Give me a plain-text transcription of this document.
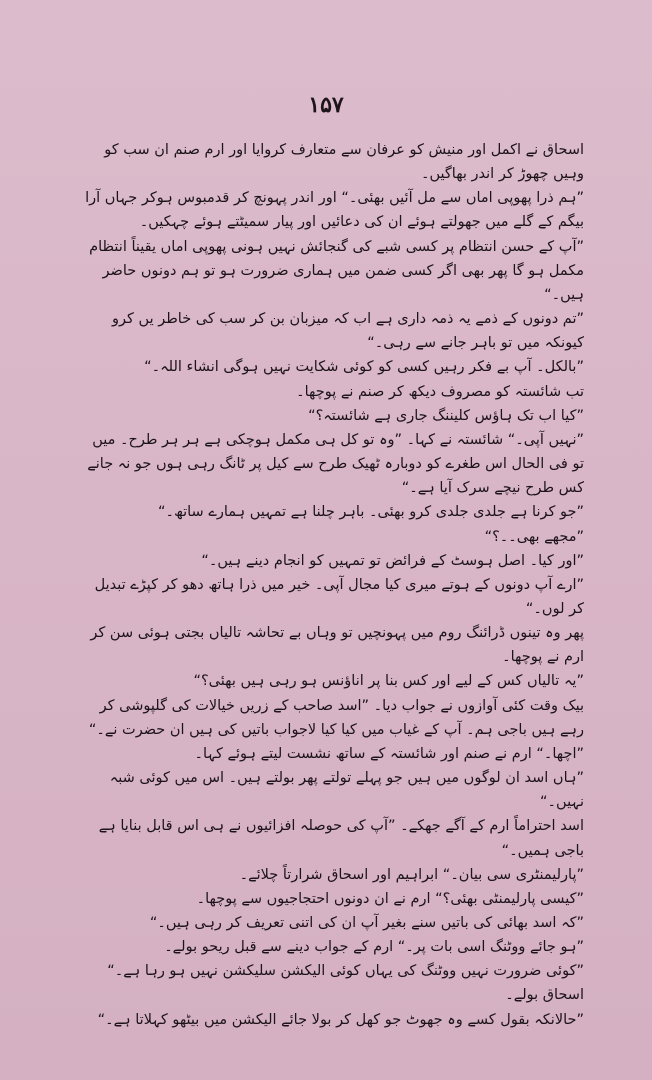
۱۵۷

اسحاق نے اکمل اور منیش کو عرفان سے متعارف کروایا اور ارم صنم ان سب کو وہیں چھوڑ کر اندر بھاگیں۔

”ہم ذرا پھوپی اماں سے مل آئیں بھئی۔“ اور اندر پہونچ کر قدمبوس ہوکر جہاں آرا بیگم کے گلے میں جھولتے ہوئے ان کی دعائیں اور پیار سمیٹتے ہوئے چہکیں۔

”آپ کے حسن انتظام پر کسی شبے کی گنجائش نہیں ہونی پھوپی اماں یقیناً انتظام مکمل ہو گا پھر بھی اگر کسی ضمن میں ہماری ضرورت ہو تو ہم دونوں حاضر ہیں۔“

”تم دونوں کے ذمے یہ ذمہ داری ہے اب کہ میزبان بن کر سب کی خاطر یں کرو کیونکہ میں تو باہر جانے سے رہی۔“

”بالکل۔ آپ بے فکر رہیں کسی کو کوئی شکایت نہیں ہوگی انشاء اللہ۔“

تب شائستہ کو مصروف دیکھ کر صنم نے پوچھا۔

”کیا اب تک ہاؤس کلیننگ جاری ہے شائستہ؟“

”نہیں آپی۔“ شائستہ نے کہا۔ ”وہ تو کل ہی مکمل ہوچکی ہے ہر ہر طرح۔ میں تو فی الحال اس طغرے کو دوبارہ ٹھیک طرح سے کیل پر ٹانگ رہی ہوں جو نہ جانے کس طرح نیچے سرک آیا ہے۔“

”جو کرنا ہے جلدی جلدی کرو بھئی۔ باہر چلنا ہے تمہیں ہمارے ساتھ۔“

”مجھے بھی۔۔؟“

”اور کیا۔ اصل ہوسٹ کے فرائض تو تمہیں کو انجام دینے ہیں۔“

”ارے آپ دونوں کے ہوتے میری کیا مجال آپی۔ خیر میں ذرا ہاتھ دھو کر کپڑے تبدیل کر لوں۔“

پھر وہ تینوں ڈرائنگ روم میں پہونچیں تو وہاں بے تحاشہ تالیاں بجتی ہوئی سن کر ارم نے پوچھا۔

”یہ تالیاں کس کے لیے اور کس بنا پر اناؤنس ہو رہی ہیں بھئی؟“

بیک وقت کئی آوازوں نے جواب دیا۔ ”اسد صاحب کے زریں خیالات کی گلپوشی کر رہے ہیں باجی ہم۔ آپ کے غیاب میں کیا کیا لاجواب باتیں کی ہیں ان حضرت نے۔“

”اچھا۔“ ارم نے صنم اور شائستہ کے ساتھ نشست لیتے ہوئے کہا۔

”ہاں اسد ان لوگوں میں ہیں جو پہلے تولتے پھر بولتے ہیں۔ اس میں کوئی شبہ نہیں۔“

اسد احتراماً ارم کے آگے جھکے۔ ”آپ کی حوصلہ افزائیوں نے ہی اس قابل بنایا ہے باجی ہمیں۔“

”پارلیمنٹری سی بیان۔“ ابراہیم اور اسحاق شرارتاً چلائے۔

”کیسی پارلیمنٹی بھئی؟“ ارم نے ان دونوں احتجاجیوں سے پوچھا۔

”کہ اسد بھائی کی باتیں سنے بغیر آپ ان کی اتنی تعریف کر رہی ہیں۔“

”ہو جائے ووٹنگ اسی بات پر۔“ ارم کے جواب دینے سے قبل ریحو بولے۔

”کوئی ضرورت نہیں ووٹنگ کی یہاں کوئی الیکشن سلیکشن نہیں ہو رہا ہے۔“ اسحاق بولے۔

”حالانکہ بقول کسے وہ جھوٹ جو کھل کر بولا جائے الیکشن میں بیٹھو کہلاتا ہے۔“
